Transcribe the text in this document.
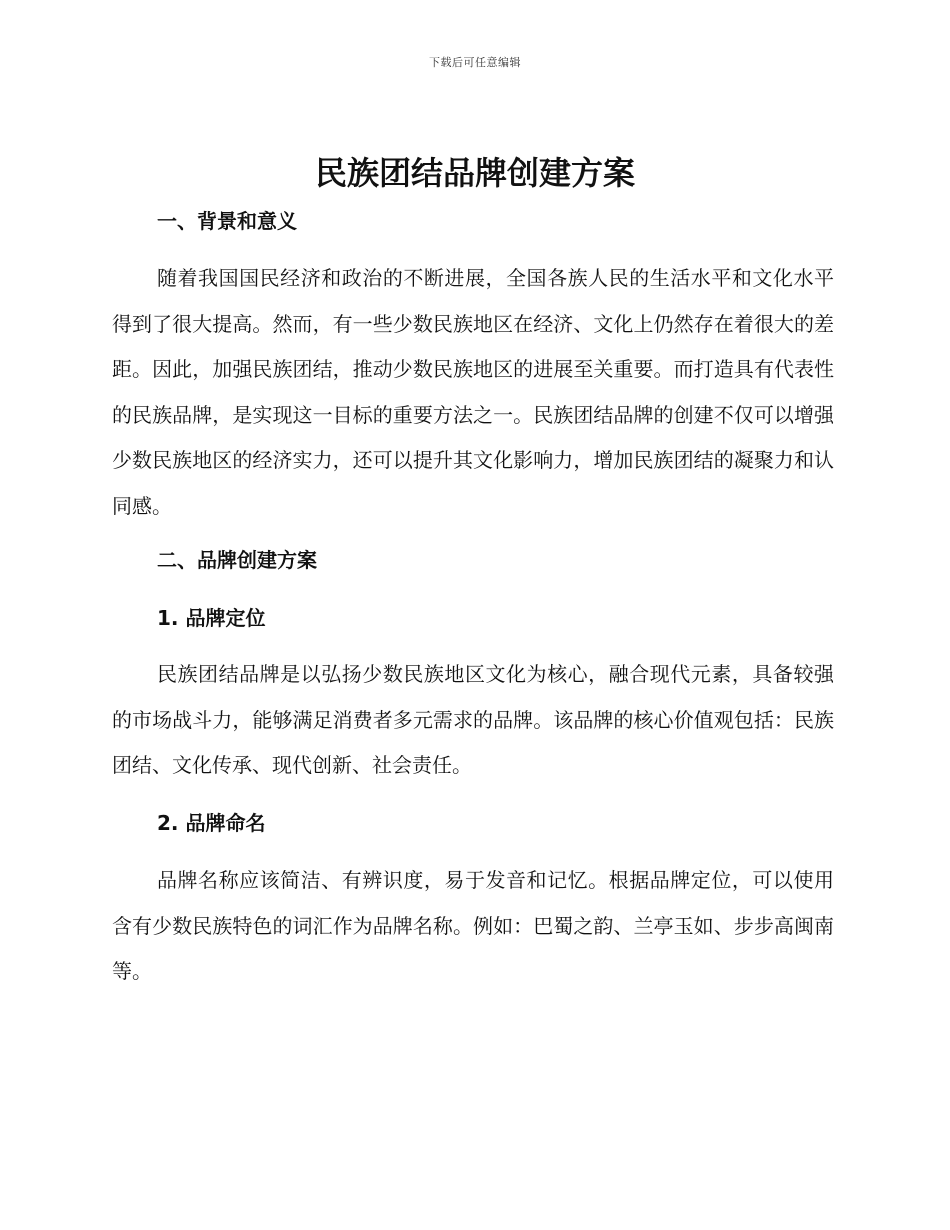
下载后可任意编辑
民族团结品牌创建方案
一、背景和意义

随着我国国民经济和政治的不断进展，全国各族人民的生活水平和文化水平得到了很大提高。然而，有一些少数民族地区在经济、文化上仍然存在着很大的差距。因此，加强民族团结，推动少数民族地区的进展至关重要。而打造具有代表性的民族品牌，是实现这一目标的重要方法之一。民族团结品牌的创建不仅可以增强少数民族地区的经济实力，还可以提升其文化影响力，增加民族团结的凝聚力和认同感。

二、品牌创建方案
1. 品牌定位

民族团结品牌是以弘扬少数民族地区文化为核心，融合现代元素，具备较强的市场战斗力，能够满足消费者多元需求的品牌。该品牌的核心价值观包括：民族团结、文化传承、现代创新、社会责任。

2. 品牌命名

品牌名称应该简洁、有辨识度，易于发音和记忆。根据品牌定位，可以使用含有少数民族特色的词汇作为品牌名称。例如：巴蜀之韵、兰亭玉如、步步高闽南等。
